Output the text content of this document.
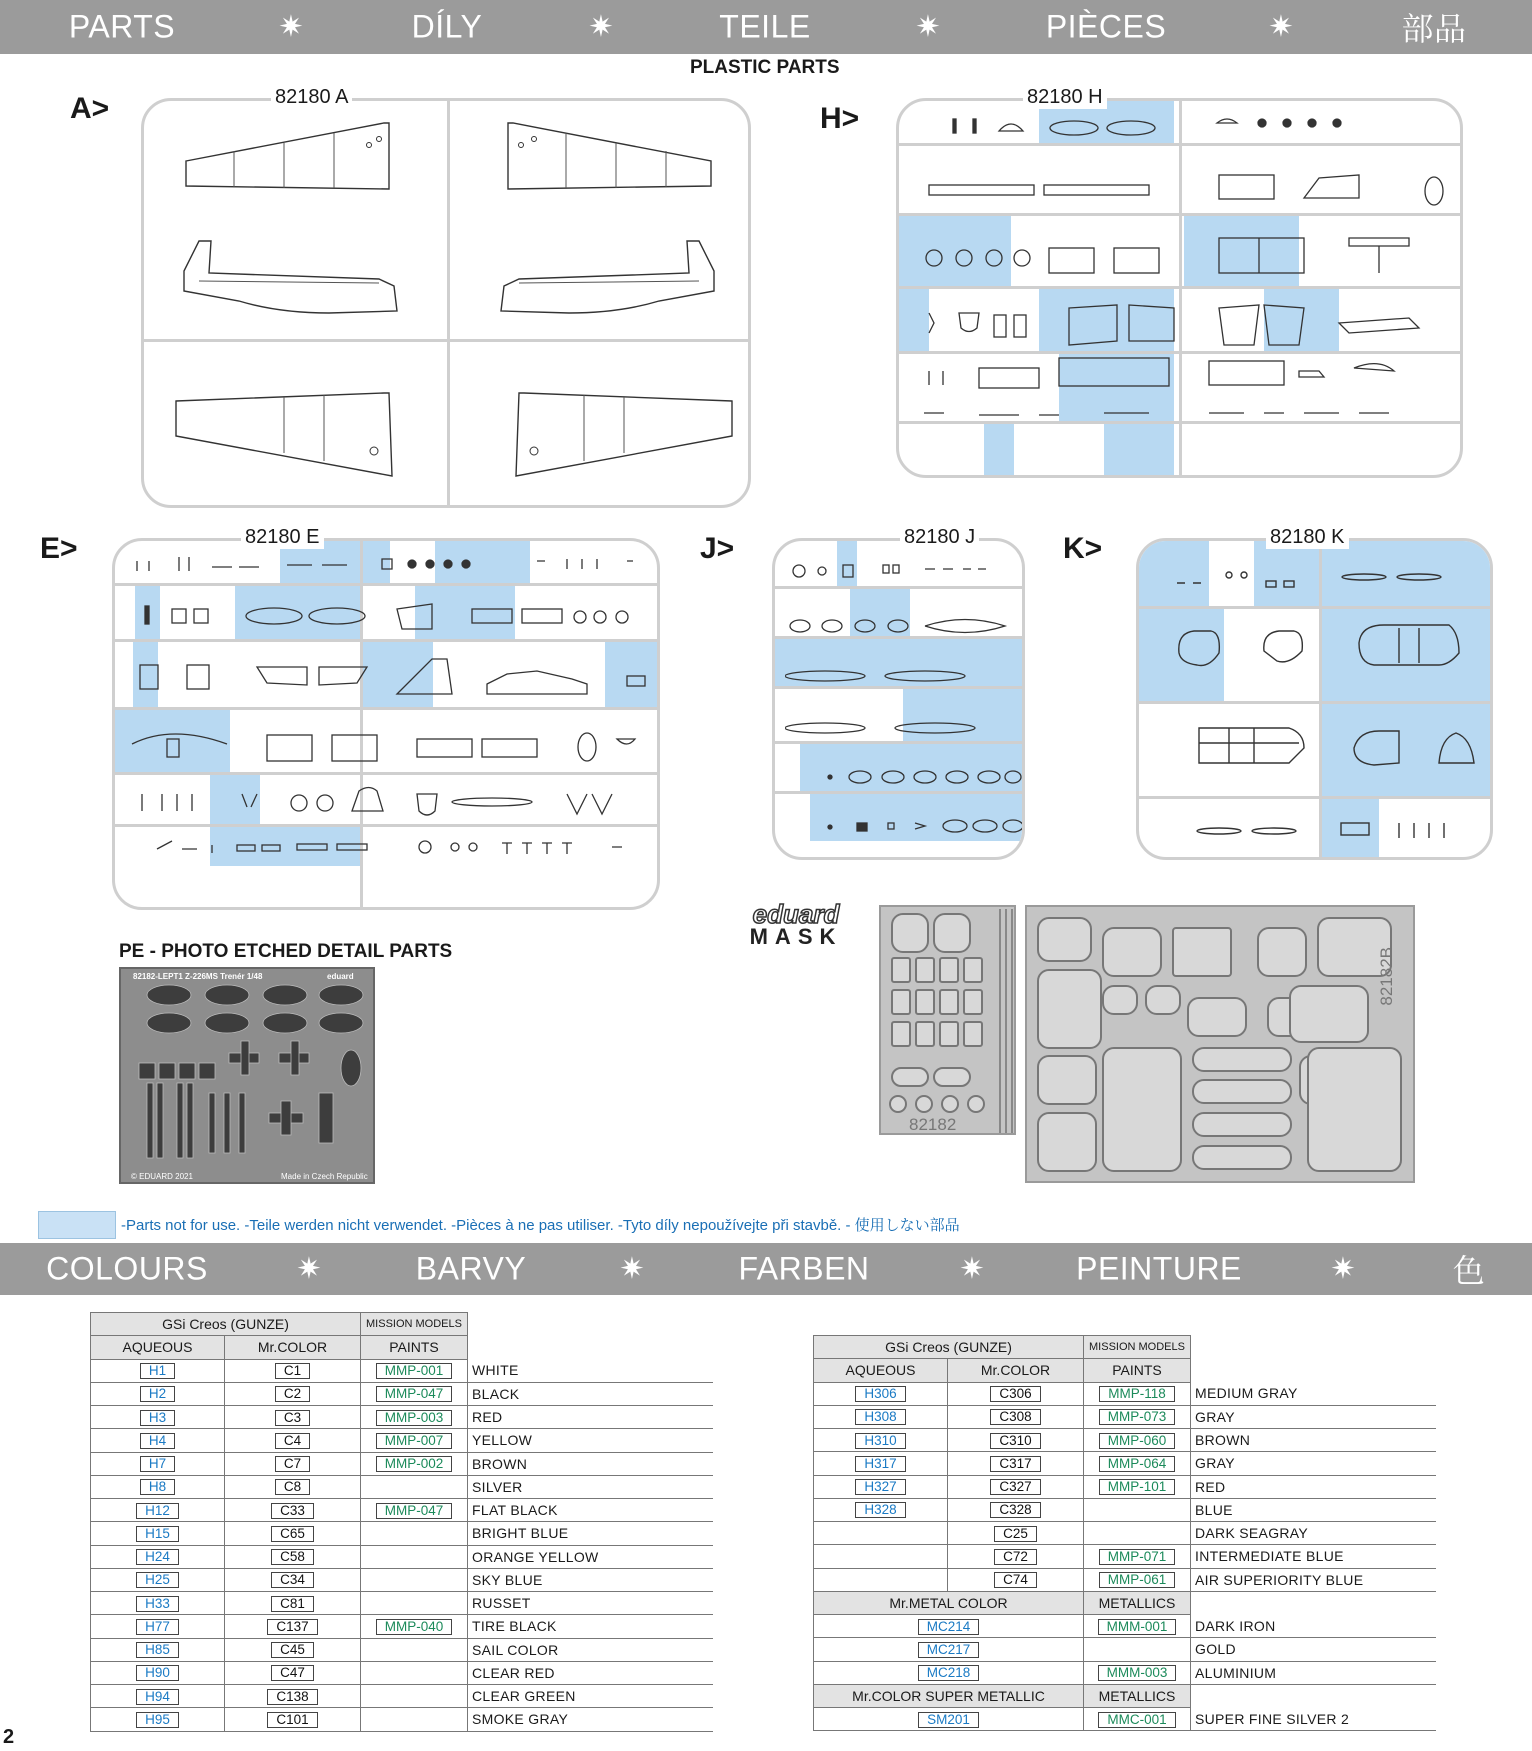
PARTS	✷	DÍLY	✷	TEILE	✷	PIÈCES	✷	部品
PLASTIC PARTS
A>	82180 A
H>
82180 H
E>	82180 E	J>	82180 J	K>	82180 K
PE - PHOTO ETCHED DETAIL PARTS
82182-LEPT1 Z-226MS Trenér 1/48	eduard
© EDUARD 2021	Made in Czech Republic
eduard
MASK
82182
82182B
-Parts not for use. -Teile werden nicht verwendet. -Pièces à ne pas utiliser. -Tyto díly nepoužívejte při stavbě. - 使用しない部品
COLOURS	✷	BARVY	✷	FARBEN	✷	PEINTURE	✷	色
GSi Creos (GUNZE)		MISSION MODELS	
AQUEOUS	Mr.COLOR	PAINTS	
H1	C1	MMP-001	WHITE
H2	C2	MMP-047	BLACK
H3	C3	MMP-003	RED
H4	C4	MMP-007	YELLOW
H7	C7	MMP-002	BROWN
H8	C8		SILVER
H12	C33	MMP-047	FLAT BLACK
H15	C65		BRIGHT BLUE
H24	C58		ORANGE YELLOW
H25	C34		SKY BLUE
H33	C81		RUSSET
H77	C137	MMP-040	TIRE BLACK
H85	C45		SAIL COLOR
H90	C47		CLEAR RED
H94	C138		CLEAR GREEN
H95	C101		SMOKE GRAY
GSi Creos (GUNZE)		MISSION MODELS	
AQUEOUS	Mr.COLOR	PAINTS	
H306	C306	MMP-118	MEDIUM GRAY
H308	C308	MMP-073	GRAY
H310	C310	MMP-060	BROWN
H317	C317	MMP-064	GRAY
H327	C327	MMP-101	RED
H328	C328		BLUE
	C25		DARK SEAGRAY
	C72	MMP-071	INTERMEDIATE BLUE
	C74	MMP-061	AIR SUPERIORITY BLUE
Mr.METAL COLOR		METALLICS	
MC214		MMM-001	DARK IRON
MC217			GOLD
MC218		MMM-003	ALUMINIUM
Mr.COLOR SUPER METALLIC		METALLICS	
SM201		MMC-001	SUPER FINE SILVER 2
2
